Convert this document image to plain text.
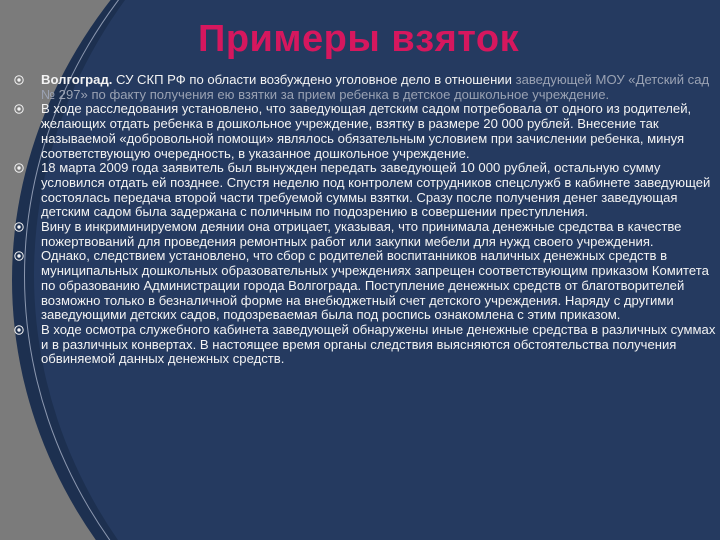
Примеры взяток
Волгоград. СУ СКП РФ по области возбуждено уголовное дело в отношении заведующей МОУ «Детский сад № 297» по факту получения ею взятки за прием ребенка в детское дошкольное учреждение.
В ходе расследования установлено, что заведующая детским садом потребовала от одного из родителей, желающих отдать ребенка в дошкольное учреждение, взятку в размере 20 000 рублей. Внесение так называемой «добровольной помощи» являлось обязательным условием при зачислении ребенка, минуя соответствующую очередность, в указанное дошкольное учреждение.
18 марта 2009 года заявитель был вынужден передать заведующей 10 000 рублей, остальную сумму условился отдать ей позднее. Спустя неделю под контролем сотрудников спецслужб в кабинете заведующей состоялась передача второй части требуемой суммы взятки. Сразу после получения денег заведующая детским садом была задержана с поличным по подозрению в совершении преступления.
Вину в инкриминируемом деянии она отрицает, указывая, что принимала денежные средства в качестве пожертвований для проведения ремонтных работ или закупки мебели для нужд своего учреждения.
Однако, следствием установлено, что сбор с родителей воспитанников наличных денежных средств в муниципальных дошкольных образовательных учреждениях запрещен соответствующим приказом Комитета по образованию Администрации города Волгограда. Поступление денежных средств от благотворителей возможно только в безналичной форме на внебюджетный счет детского учреждения. Наряду с другими заведующими детских садов, подозреваемая была под роспись ознакомлена с этим приказом.
В ходе осмотра служебного кабинета заведующей обнаружены иные денежные средства в различных суммах и в различных конвертах. В настоящее время органы следствия выясняются обстоятельства получения обвиняемой данных денежных средств.
